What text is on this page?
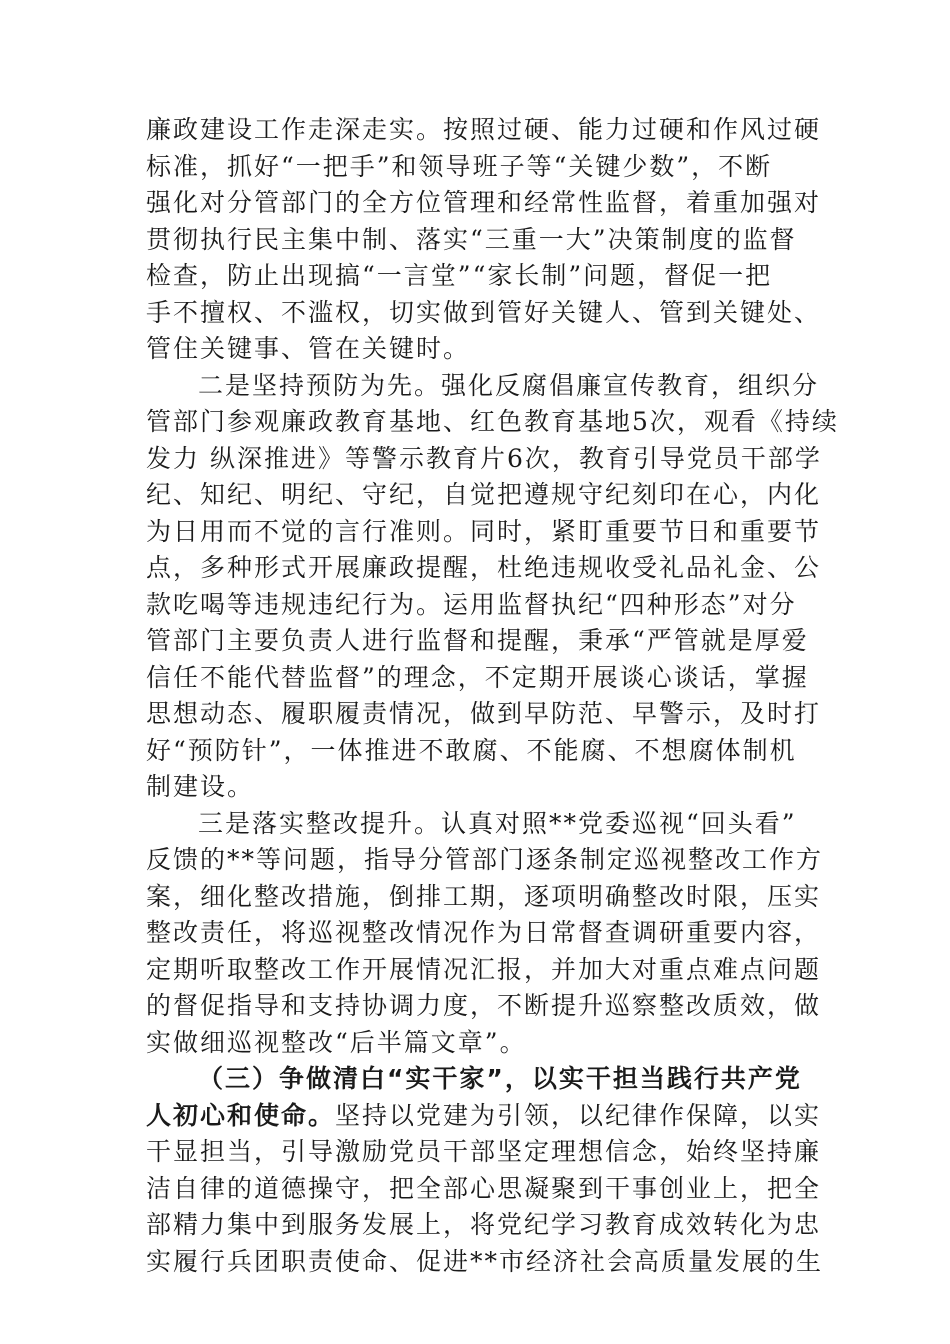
廉政建设工作走深走实。按照过硬、能力过硬和作风过硬
标准，抓好“一把手”和领导班子等“关键少数”，不断
强化对分管部门的全方位管理和经常性监督，着重加强对
贯彻执行民主集中制、落实“三重一大”决策制度的监督
检查，防止出现搞“一言堂”“家长制”问题，督促一把
手不擅权、不滥权，切实做到管好关键人、管到关键处、
管住关键事、管在关键时。
二是坚持预防为先。强化反腐倡廉宣传教育，组织分
管部门参观廉政教育基地、红色教育基地5次，观看《持续
发力 纵深推进》等警示教育片6次，教育引导党员干部学
纪、知纪、明纪、守纪，自觉把遵规守纪刻印在心，内化
为日用而不觉的言行准则。同时，紧盯重要节日和重要节
点，多种形式开展廉政提醒，杜绝违规收受礼品礼金、公
款吃喝等违规违纪行为。运用监督执纪“四种形态”对分
管部门主要负责人进行监督和提醒，秉承“严管就是厚爱
信任不能代替监督”的理念，不定期开展谈心谈话，掌握
思想动态、履职履责情况，做到早防范、早警示，及时打
好“预防针”，一体推进不敢腐、不能腐、不想腐体制机
制建设。
三是落实整改提升。认真对照**党委巡视“回头看”
反馈的**等问题，指导分管部门逐条制定巡视整改工作方
案，细化整改措施，倒排工期，逐项明确整改时限，压实
整改责任，将巡视整改情况作为日常督查调研重要内容，
定期听取整改工作开展情况汇报，并加大对重点难点问题
的督促指导和支持协调力度，不断提升巡察整改质效，做
实做细巡视整改“后半篇文章”。
（三）争做清白“实干家”，以实干担当践行共产党
人初心和使命。坚持以党建为引领，以纪律作保障，以实
干显担当，引导激励党员干部坚定理想信念，始终坚持廉
洁自律的道德操守，把全部心思凝聚到干事创业上，把全
部精力集中到服务发展上，将党纪学习教育成效转化为忠
实履行兵团职责使命、促进**市经济社会高质量发展的生
